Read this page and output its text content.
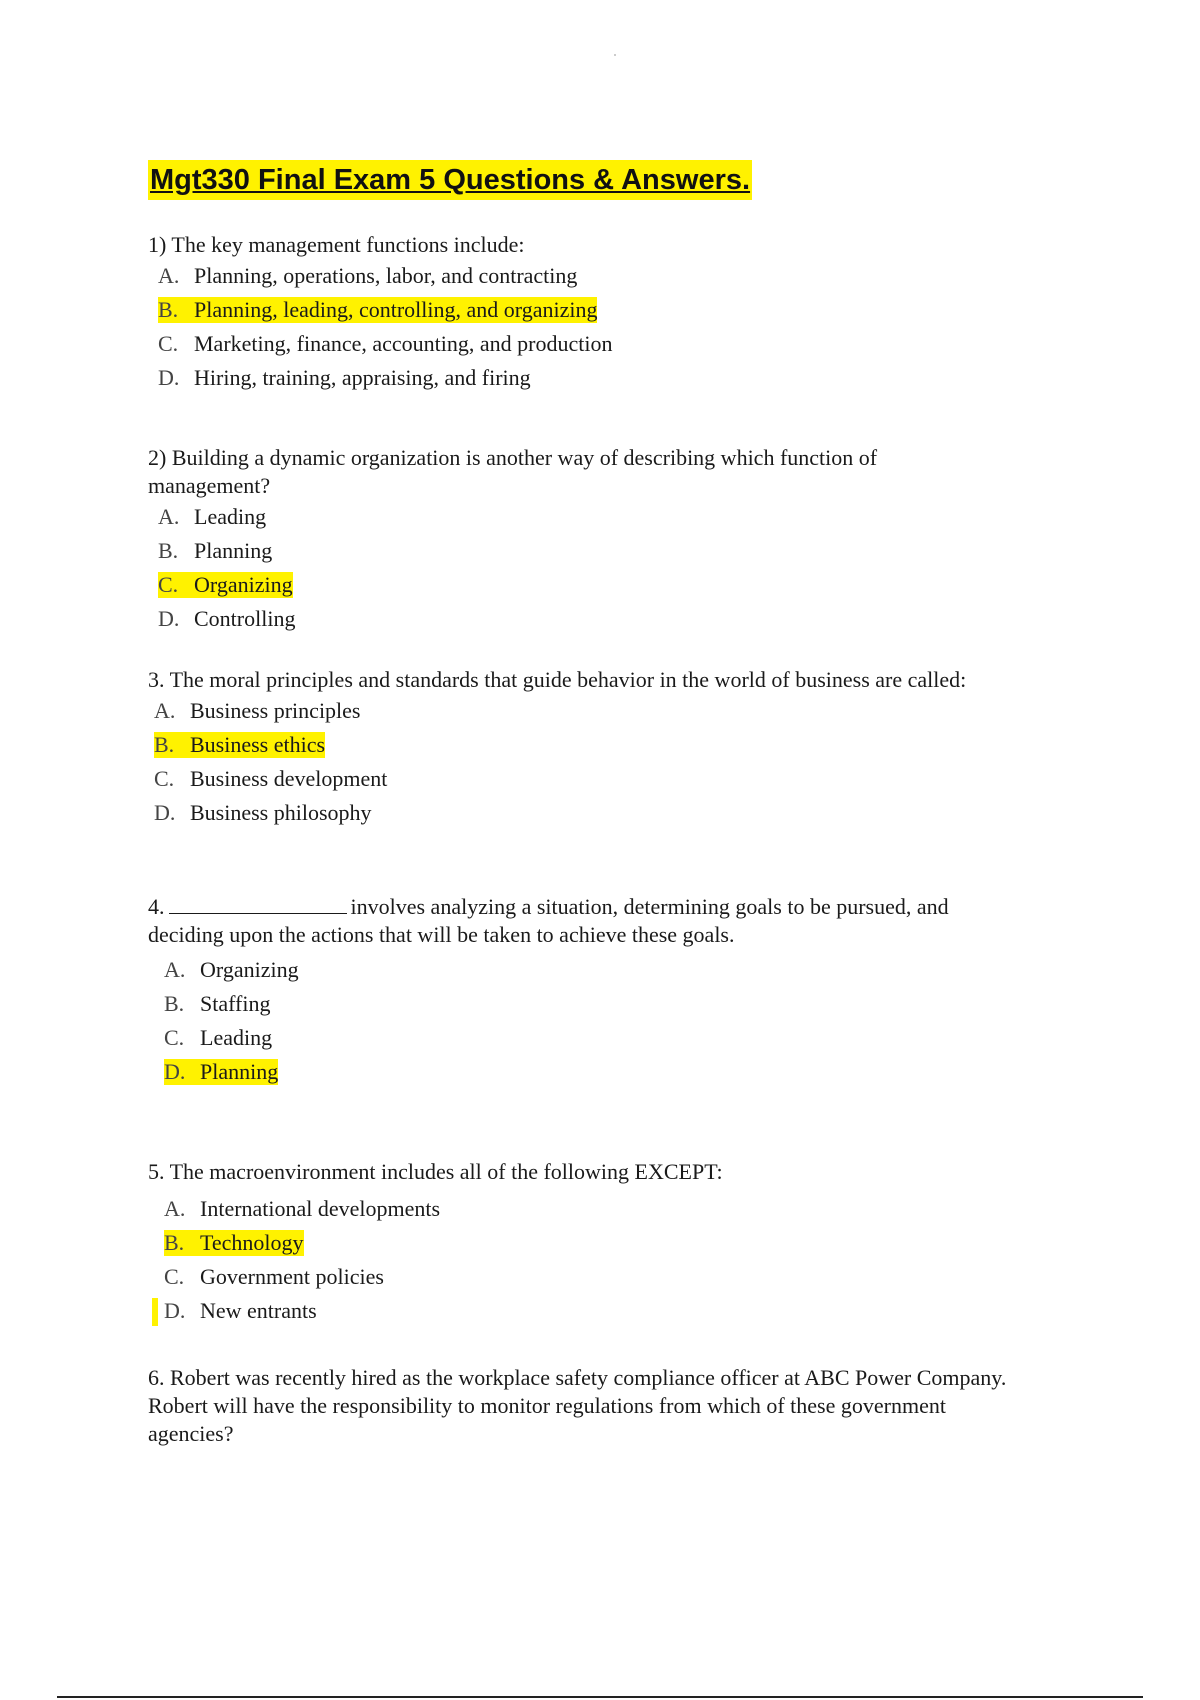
Mgt330 Final Exam 5 Questions & Answers.
1) The key management functions include:
A. Planning, operations, labor, and contracting
B. Planning, leading, controlling, and organizing
C. Marketing, finance, accounting, and production
D. Hiring, training, appraising, and firing
2) Building a dynamic organization is another way of describing which function of management?
A. Leading
B. Planning
C. Organizing
D. Controlling
3. The moral principles and standards that guide behavior in the world of business are called:
A. Business principles
B. Business ethics
C. Business development
D. Business philosophy
4.	involves analyzing a situation, determining goals to be pursued, and deciding upon the actions that will be taken to achieve these goals.
A. Organizing
B. Staffing
C. Leading
D. Planning
5. The macroenvironment includes all of the following EXCEPT:
A. International developments
B. Technology
C. Government policies
D. New entrants
6. Robert was recently hired as the workplace safety compliance officer at ABC Power Company. Robert will have the responsibility to monitor regulations from which of these government agencies?
